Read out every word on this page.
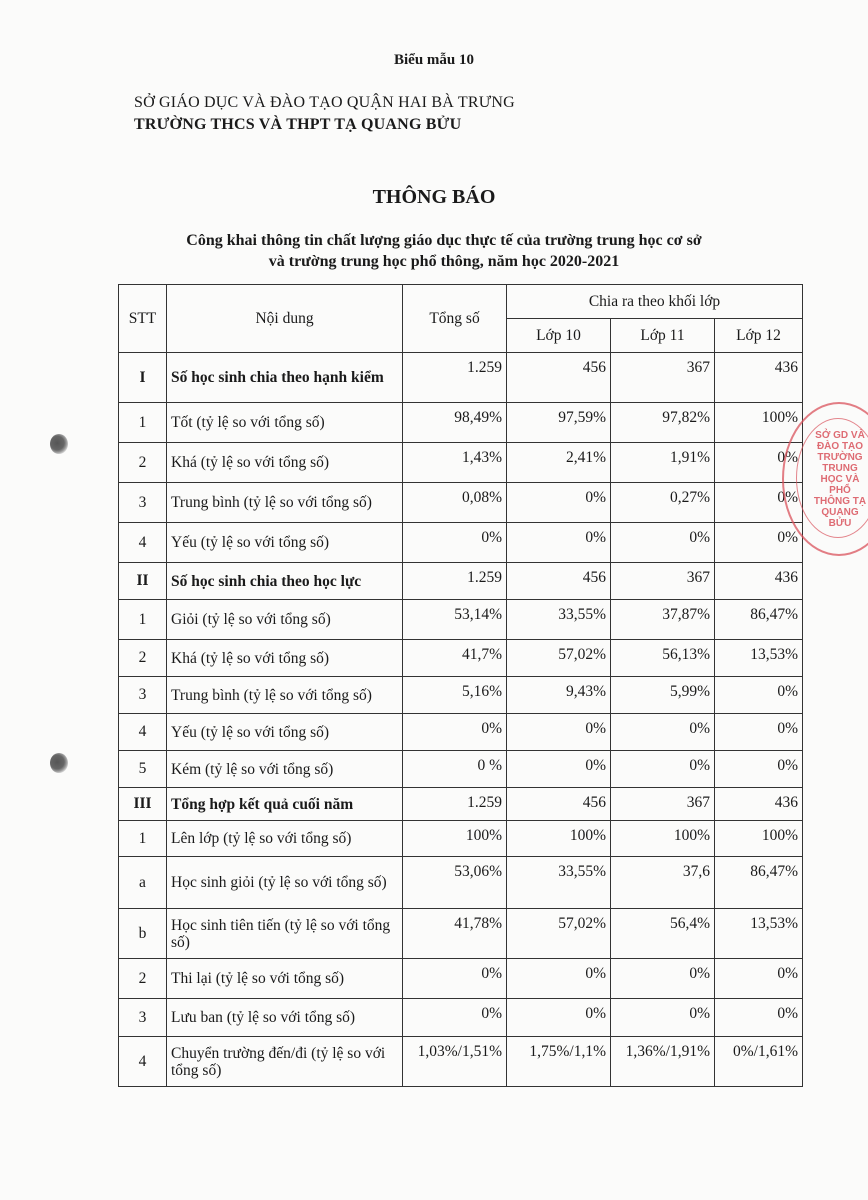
Biểu mẫu 10
SỞ GIÁO DỤC VÀ ĐÀO TẠO QUẬN HAI BÀ TRƯNG
TRƯỜNG THCS VÀ THPT TẠ QUANG BỬU
THÔNG BÁO
Công khai thông tin chất lượng giáo dục thực tế của trường trung học cơ sở
và trường trung học phổ thông, năm học 2020-2021
STT	Nội dung	Tổng số	Chia ra theo khối lớp		
			Lớp 10	Lớp 11	Lớp 12
I	Số học sinh chia theo hạnh kiểm	1.259	456	367	436
1	Tốt (tỷ lệ so với tổng số)	98,49%	97,59%	97,82%	100%
2	Khá (tỷ lệ so với tổng số)	1,43%	2,41%	1,91%	0%
3	Trung bình (tỷ lệ so với tổng số)	0,08%	0%	0,27%	0%
4	Yếu (tỷ lệ so với tổng số)	0%	0%	0%	0%
II	Số học sinh chia theo học lực	1.259	456	367	436
1	Giỏi (tỷ lệ so với tổng số)	53,14%	33,55%	37,87%	86,47%
2	Khá (tỷ lệ so với tổng số)	41,7%	57,02%	56,13%	13,53%
3	Trung bình (tỷ lệ so với tổng số)	5,16%	9,43%	5,99%	0%
4	Yếu (tỷ lệ so với tổng số)	0%	0%	0%	0%
5	Kém (tỷ lệ so với tổng số)	0 %	0%	0%	0%
III	Tổng hợp kết quả cuối năm	1.259	456	367	436
1	Lên lớp (tỷ lệ so với tổng số)	100%	100%	100%	100%
a	Học sinh giỏi (tỷ lệ so với tổng số)	53,06%	33,55%	37,6	86,47%
b	Học sinh tiên tiến (tỷ lệ so với tổng số)	41,78%	57,02%	56,4%	13,53%
2	Thi lại (tỷ lệ so với tổng số)	0%	0%	0%	0%
3	Lưu ban (tỷ lệ so với tổng số)	0%	0%	0%	0%
4	Chuyển trường đến/đi (tỷ lệ so với tổng số)	1,03%/1,51%	1,75%/1,1%	1,36%/1,91%	0%/1,61%
SỞ GD VÀ ĐÀO TẠO TRƯỜNG TRUNG HỌC VÀ PHỔ THÔNG TẠ QUANG BỬU
